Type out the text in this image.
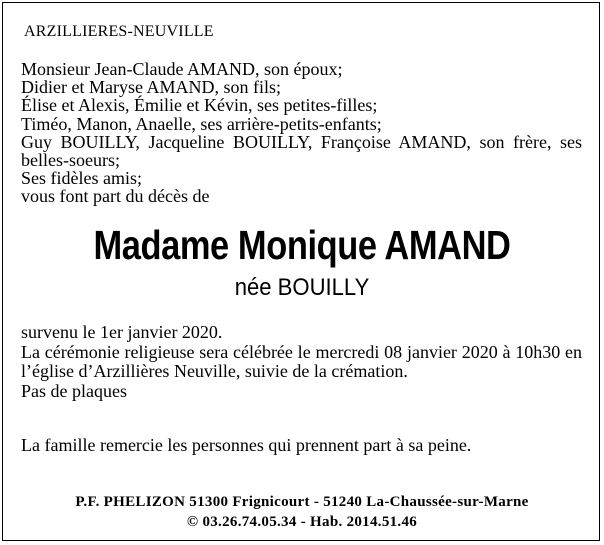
ARZILLIERES-NEUVILLE
Monsieur Jean-Claude AMAND, son époux;
Didier et Maryse AMAND, son fils;
Élise et Alexis, Émilie et Kévin, ses petites-filles;
Timéo, Manon, Anaelle, ses arrière-petits-enfants;
Guy BOUILLY, Jacqueline BOUILLY, Françoise AMAND, son frère, ses belles-soeurs;
Ses fidèles amis;
vous font part du décès de
Madame Monique AMAND
née BOUILLY
survenu le 1er janvier 2020.
La cérémonie religieuse sera célébrée le mercredi 08 janvier 2020 à 10h30 en l’église d’Arzillières Neuville, suivie de la crémation.
Pas de plaques
La famille remercie les personnes qui prennent part à sa peine.
P.F. PHELIZON 51300 Frignicourt - 51240 La-Chaussée-sur-Marne
© 03.26.74.05.34 - Hab. 2014.51.46
